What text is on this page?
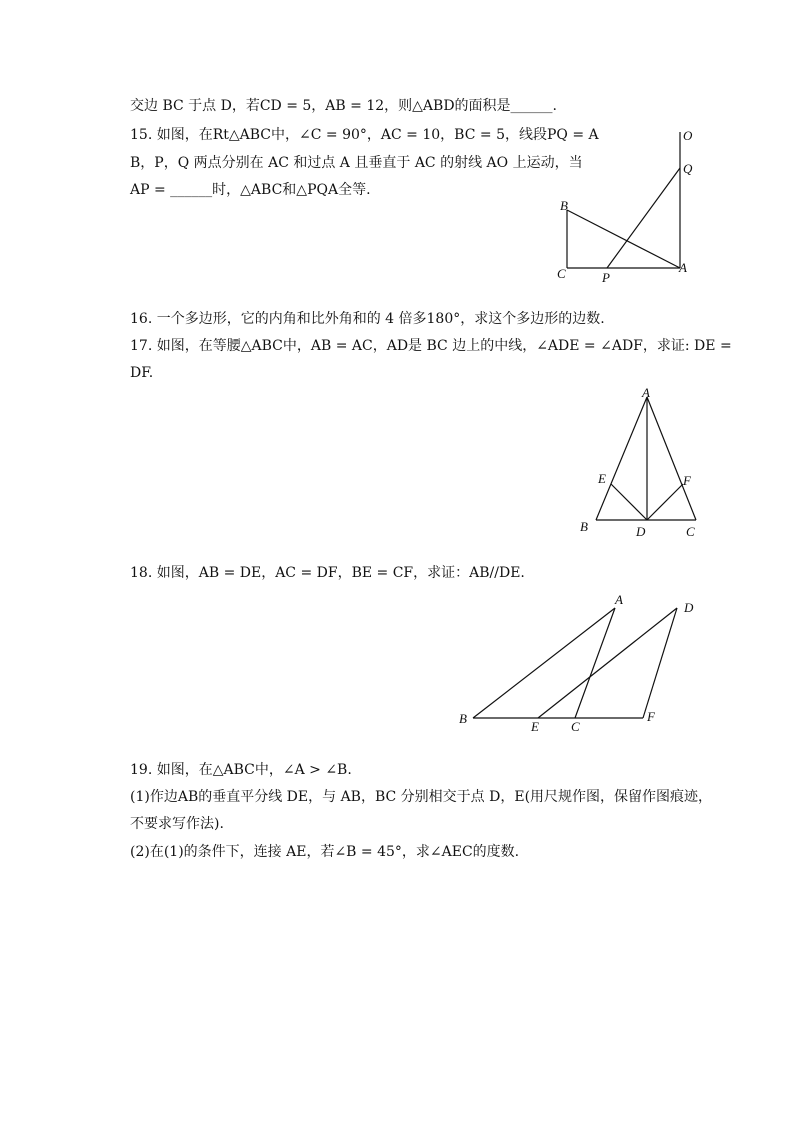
交边 BC 于点 D，若CD = 5，AB = 12，则△ABD的面积是______.
15. 如图，在Rt△ABC中，∠C = 90°，AC = 10，BC = 5，线段PQ = A
B，P，Q 两点分别在 AC 和过点 A 且垂直于 AC 的射线 AO 上运动，当
AP = ______时，△ABC和△PQA全等.
O
Q
B
C	P
A
16. 一个多边形，它的内角和比外角和的 4 倍多180°，求这个多边形的边数.
17. 如图，在等腰△ABC中，AB = AC，AD是 BC 边上的中线，∠ADE = ∠ADF，求证: DE =
DF.
A
E	F
B	D	C
18. 如图，AB = DE，AC = DF，BE = CF，求证：AB//DE.
A
D
B
E C
F
19. 如图，在△ABC中，∠A > ∠B.
(1)作边AB的垂直平分线 DE，与 AB，BC 分别相交于点 D，E(用尺规作图，保留作图痕迹，
不要求写作法).
(2)在(1)的条件下，连接 AE，若∠B = 45°，求∠AEC的度数.
